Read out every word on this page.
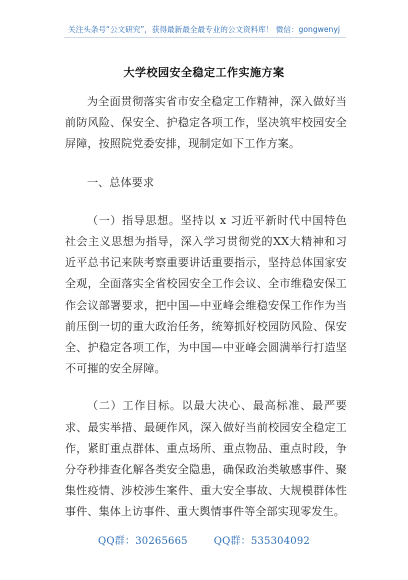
关注头条号“公文研究”，获得最新最全最专业的公文资料库！ 微信：gongwenyj
大学校园安全稳定工作实施方案

为全面贯彻落实省市安全稳定工作精神，深入做好当前防风险、保安全、护稳定各项工作，坚决筑牢校园安全屏障，按照院党委安排，现制定如下工作方案。

一、总体要求

（一）指导思想。坚持以 x 习近平新时代中国特色社会主义思想为指导，深入学习贯彻党的XX大精神和习近平总书记来陕考察重要讲话重要指示，坚持总体国家安全观，全面落实全省校园安全工作会议、全市维稳安保工作会议部署要求，把中国—中亚峰会维稳安保工作作为当前压倒一切的重大政治任务，统筹抓好校园防风险、保安全、护稳定各项工作，为中国—中亚峰会圆满举行打造坚不可摧的安全屏障。

（二）工作目标。以最大决心、最高标准、最严要求、最实举措、最硬作风，深入做好当前校园安全稳定工作，紧盯重点群体、重点场所、重点物品、重点时段，争分夺秒排查化解各类安全隐患，确保政治类敏感事件、聚集性疫情、涉校涉生案件、重大安全事故、大规模群体性事件、集体上访事件、重大舆情事件等全部实现零发生。

QQ群：30265665	QQ群：535304092
